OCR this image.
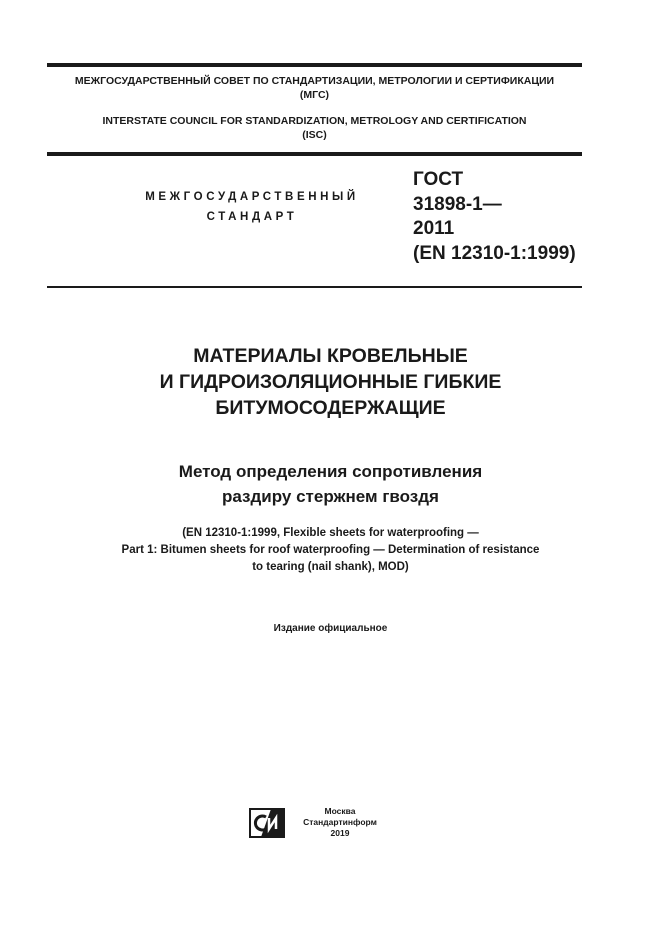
МЕЖГОСУДАРСТВЕННЫЙ СОВЕТ ПО СТАНДАРТИЗАЦИИ, МЕТРОЛОГИИ И СЕРТИФИКАЦИИ
(МГС)
INTERSTATE COUNCIL FOR STANDARDIZATION, METROLOGY AND CERTIFICATION
(ISC)
МЕЖГОСУДАРСТВЕННЫЙ
СТАНДАРТ
ГОСТ
31898-1—
2011
(EN 12310-1:1999)
МАТЕРИАЛЫ КРОВЕЛЬНЫЕ
И ГИДРОИЗОЛЯЦИОННЫЕ ГИБКИЕ
БИТУМОСОДЕРЖАЩИЕ
Метод определения сопротивления
раздиру стержнем гвоздя
(EN 12310-1:1999, Flexible sheets for waterproofing —
Part 1: Bitumen sheets for roof waterproofing — Determination of resistance
to tearing (nail shank), MOD)
Издание официальное
Москва
Стандартинформ
2019
